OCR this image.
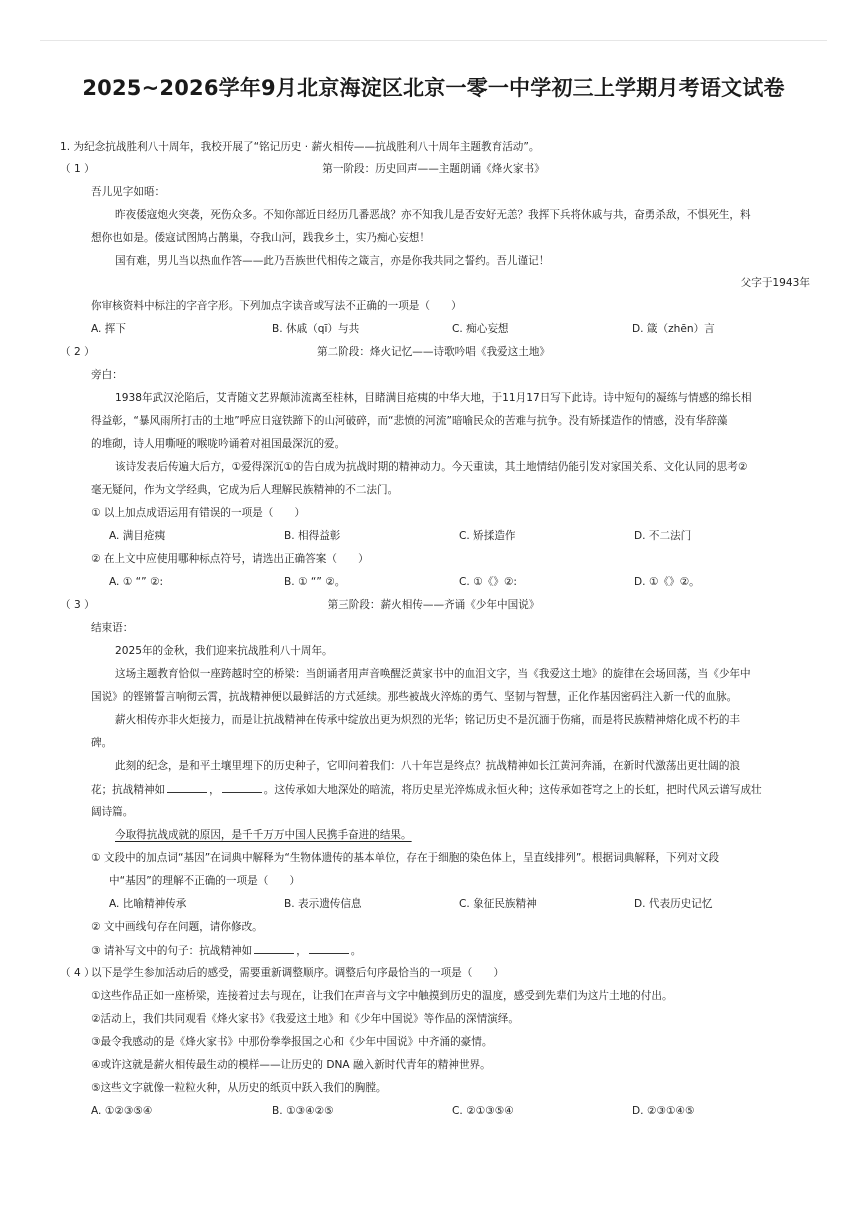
2025~2026学年9月北京海淀区北京一零一中学初三上学期月考语文试卷
1. 为纪念抗战胜利八十周年，我校开展了“铭记历史 · 薪火相传——抗战胜利八十周年主题教育活动”。
（ 1 ）	第一阶段：历史回声——主题朗诵《烽火家书》
吾儿见字如晤：
昨夜倭寇炮火突袭，死伤众多。不知你部近日经历几番恶战？亦不知我儿是否安好无恙？我挥下兵将休戚与共，奋勇杀敌，不惧死生，料
想你也如是。倭寇试图鸠占鹊巢，夺我山河，践我乡土，实乃痴心妄想！
国有难，男儿当以热血作答——此乃吾族世代相传之箴言，亦是你我共同之誓约。吾儿谨记！
父字于1943年
你审核资料中标注的字音字形。下列加点字读音或写法不正确的一项是（　　）
A. 挥下	B. 休戚（qī）与共	C. 痴心妄想	D. 箴（zhēn）言
（ 2 ）	第二阶段：烽火记忆——诗歌吟唱《我爱这土地》
旁白：
1938年武汉沦陷后，艾青随文艺界颠沛流离至桂林，目睹满目疮痍的中华大地，于11月17日写下此诗。诗中短句的凝练与情感的绵长相
得益彰，“暴风雨所打击的土地”呼应日寇铁蹄下的山河破碎，而“悲愤的河流”暗喻民众的苦难与抗争。没有矫揉造作的情感，没有华辞藻
的堆砌，诗人用嘶哑的喉咙吟诵着对祖国最深沉的爱。
该诗发表后传遍大后方，①爱得深沉①的告白成为抗战时期的精神动力。今天重读，其土地情结仍能引发对家国关系、文化认同的思考②
毫无疑问，作为文学经典，它成为后人理解民族精神的不二法门。
① 以上加点成语运用有错误的一项是（　　）
A. 满目疮痍	B. 相得益彰	C. 矫揉造作	D. 不二法门
② 在上文中应使用哪种标点符号，请选出正确答案（　　）
A. ① “” ②:	B. ① “” ②。	C. ①《》②:	D. ①《》②。
（ 3 ）	第三阶段：薪火相传——齐诵《少年中国说》
结束语：
2025年的金秋，我们迎来抗战胜利八十周年。
这场主题教育恰似一座跨越时空的桥梁：当朗诵者用声音唤醒泛黄家书中的血泪文字，当《我爱这土地》的旋律在会场回荡，当《少年中
国说》的铿锵誓言响彻云霄，抗战精神便以最鲜活的方式延续。那些被战火淬炼的勇气、坚韧与智慧，正化作基因密码注入新一代的血脉。
薪火相传亦非火炬接力，而是让抗战精神在传承中绽放出更为炽烈的光华；铭记历史不是沉湎于伤痛，而是将民族精神熔化成不朽的丰
碑。
此刻的纪念，是和平土壤里埋下的历史种子，它叩问着我们：八十年岂是终点？抗战精神如长江黄河奔涌，在新时代激荡出更壮阔的浪
花；抗战精神如	，	。这传承如大地深处的暗流，将历史星光淬炼成永恒火种；这传承如苍穹之上的长虹，把时代风云谱写成壮
阔诗篇。
今取得抗战成就的原因，是千千万万中国人民携手奋进的结果。
① 文段中的加点词“基因”在词典中解释为“生物体遗传的基本单位，存在于细胞的染色体上，呈直线排列”。根据词典解释，下列对文段
中“基因”的理解不正确的一项是（　　）
A. 比喻精神传承	B. 表示遗传信息	C. 象征民族精神	D. 代表历史记忆
② 文中画线句存在问题，请你修改。
③ 请补写文中的句子：抗战精神如	，	。
（ 4 ）
以下是学生参加活动后的感受，需要重新调整顺序。调整后句序最恰当的一项是（　　）
①这些作品正如一座桥梁，连接着过去与现在，让我们在声音与文字中触摸到历史的温度，感受到先辈们为这片土地的付出。
②活动上，我们共同观看《烽火家书》《我爱这土地》和《少年中国说》等作品的深情演绎。
③最令我感动的是《烽火家书》中那份拳拳报国之心和《少年中国说》中齐涌的豪情。
④或许这就是薪火相传最生动的模样——让历史的 DNA 融入新时代青年的精神世界。
⑤这些文字就像一粒粒火种，从历史的纸页中跃入我们的胸膛。
A. ①②③⑤④	B. ①③④②⑤	C. ②①③⑤④	D. ②③①④⑤
